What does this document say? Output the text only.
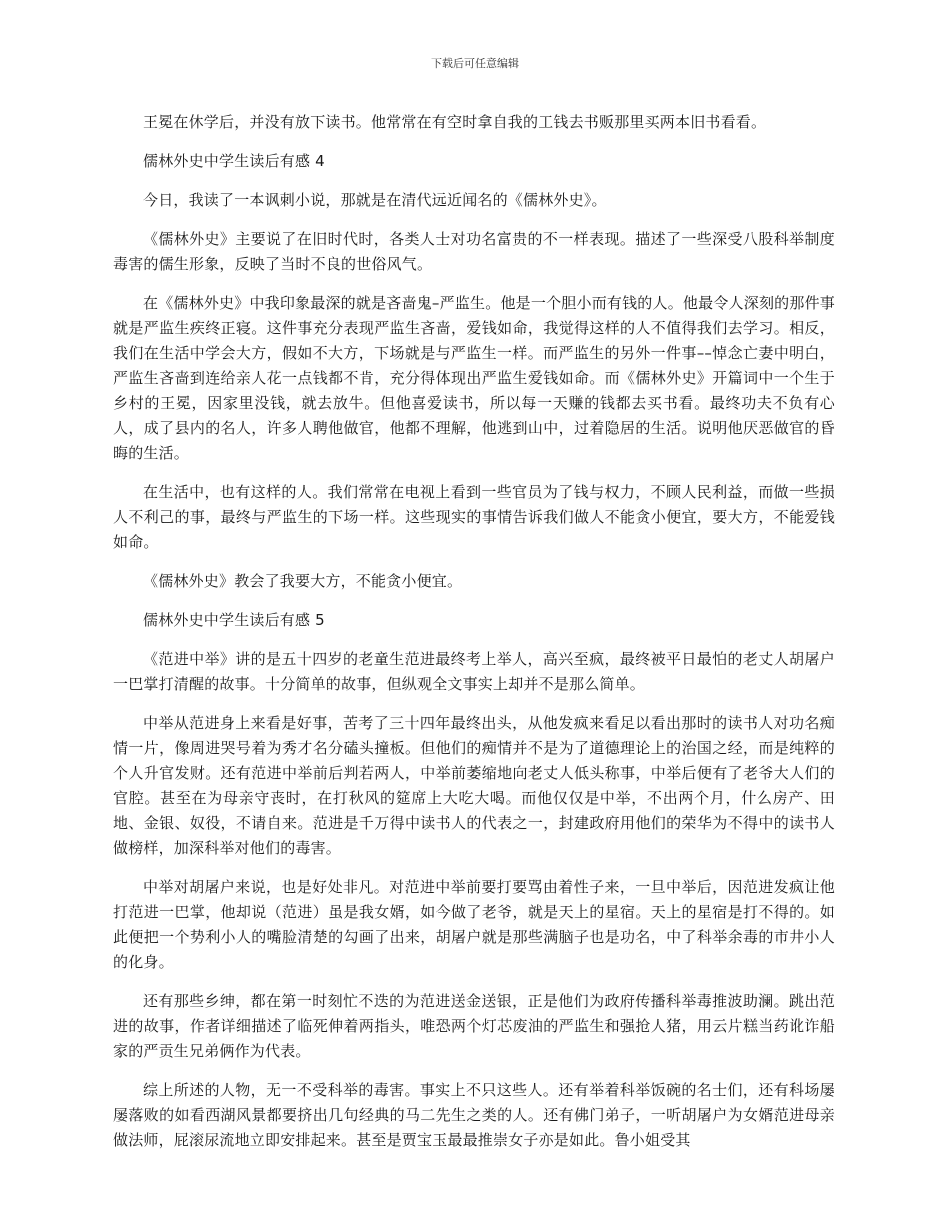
下载后可任意编辑

王冕在休学后，并没有放下读书。他常常在有空时拿自我的工钱去书贩那里买两本旧书看看。

儒林外史中学生读后有感 4

今日，我读了一本讽刺小说，那就是在清代远近闻名的《儒林外史》。

《儒林外史》主要说了在旧时代时，各类人士对功名富贵的不一样表现。描述了一些深受八股科举制度毒害的儒生形象，反映了当时不良的世俗风气。

在《儒林外史》中我印象最深的就是吝啬鬼–严监生。他是一个胆小而有钱的人。他最令人深刻的那件事就是严监生疾终正寝。这件事充分表现严监生吝啬，爱钱如命，我觉得这样的人不值得我们去学习。相反，我们在生活中学会大方，假如不大方，下场就是与严监生一样。而严监生的另外一件事––悼念亡妻中明白，严监生吝啬到连给亲人花一点钱都不肯，充分得体现出严监生爱钱如命。而《儒林外史》开篇词中一个生于乡村的王冕，因家里没钱，就去放牛。但他喜爱读书，所以每一天赚的钱都去买书看。最终功夫不负有心人，成了县内的名人，许多人聘他做官，他都不理解，他逃到山中，过着隐居的生活。说明他厌恶做官的昏晦的生活。

在生活中，也有这样的人。我们常常在电视上看到一些官员为了钱与权力，不顾人民利益，而做一些损人不利己的事，最终与严监生的下场一样。这些现实的事情告诉我们做人不能贪小便宜，要大方，不能爱钱如命。

《儒林外史》教会了我要大方，不能贪小便宜。

儒林外史中学生读后有感 5

《范进中举》讲的是五十四岁的老童生范进最终考上举人，高兴至疯，最终被平日最怕的老丈人胡屠户一巴掌打清醒的故事。十分简单的故事，但纵观全文事实上却并不是那么简单。

中举从范进身上来看是好事，苦考了三十四年最终出头，从他发疯来看足以看出那时的读书人对功名痴情一片，像周进哭号着为秀才名分磕头撞板。但他们的痴情并不是为了道德理论上的治国之经，而是纯粹的个人升官发财。还有范进中举前后判若两人，中举前萎缩地向老丈人低头称事，中举后便有了老爷大人们的官腔。甚至在为母亲守丧时，在打秋风的筵席上大吃大喝。而他仅仅是中举，不出两个月，什么房产、田地、金银、奴役，不请自来。范进是千万得中读书人的代表之一，封建政府用他们的荣华为不得中的读书人做榜样，加深科举对他们的毒害。

中举对胡屠户来说，也是好处非凡。对范进中举前要打要骂由着性子来，一旦中举后，因范进发疯让他打范进一巴掌，他却说（范进）虽是我女婿，如今做了老爷，就是天上的星宿。天上的星宿是打不得的。如此便把一个势利小人的嘴脸清楚的勾画了出来，胡屠户就是那些满脑子也是功名，中了科举余毒的市井小人的化身。

还有那些乡绅，都在第一时刻忙不迭的为范进送金送银，正是他们为政府传播科举毒推波助澜。跳出范进的故事，作者详细描述了临死伸着两指头，唯恐两个灯芯废油的严监生和强抢人猪，用云片糕当药讹诈船家的严贡生兄弟俩作为代表。

综上所述的人物，无一不受科举的毒害。事实上不只这些人。还有举着科举饭碗的名士们，还有科场屡屡落败的如看西湖风景都要挤出几句经典的马二先生之类的人。还有佛门弟子，一听胡屠户为女婿范进母亲做法师，屁滚尿流地立即安排起来。甚至是贾宝玉最最推崇女子亦是如此。鲁小姐受其
